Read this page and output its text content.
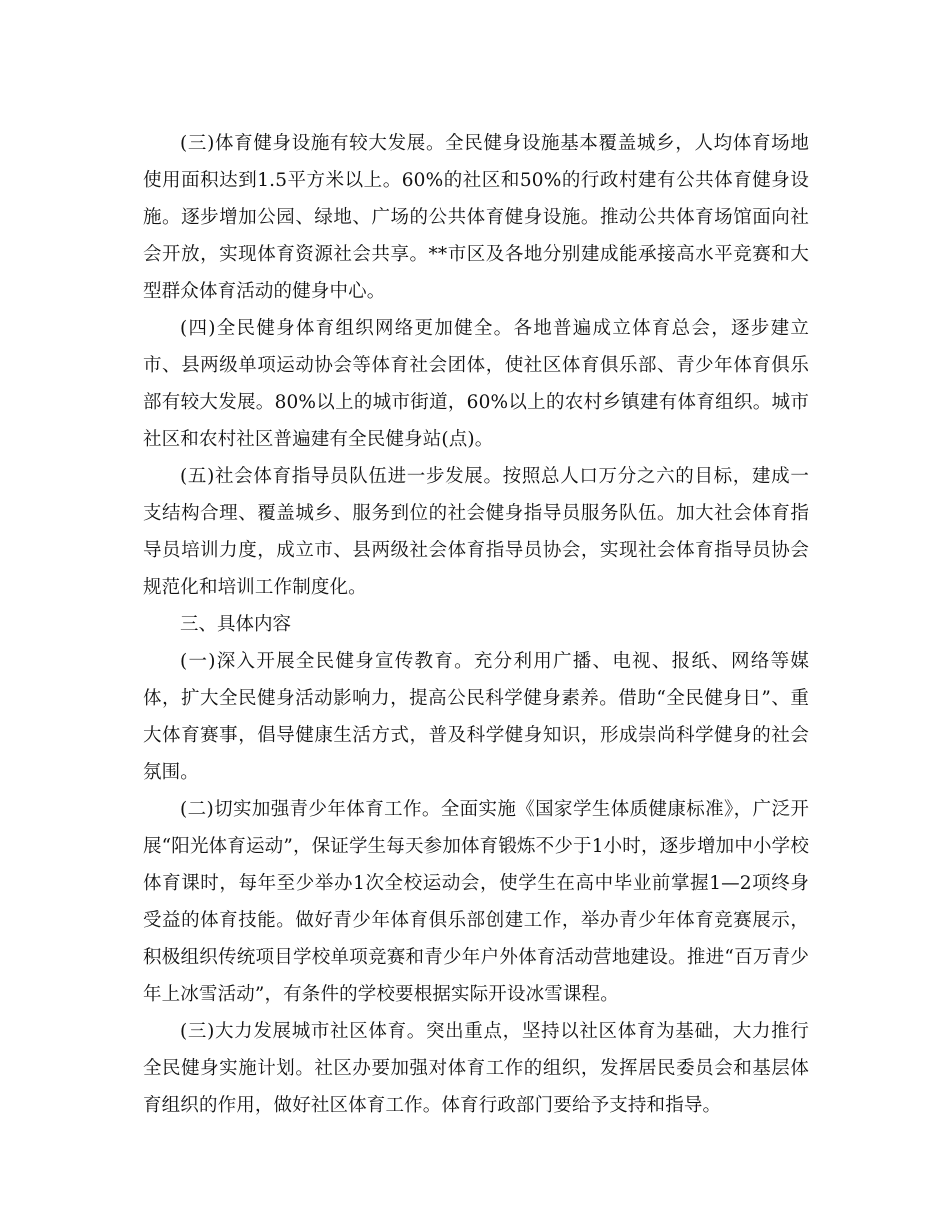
(三)体育健身设施有较大发展。全民健身设施基本覆盖城乡，人均体育场地使用面积达到1.5平方米以上。60%的社区和50%的行政村建有公共体育健身设施。逐步增加公园、绿地、广场的公共体育健身设施。推动公共体育场馆面向社会开放，实现体育资源社会共享。**市区及各地分别建成能承接高水平竞赛和大型群众体育活动的健身中心。

(四)全民健身体育组织网络更加健全。各地普遍成立体育总会，逐步建立市、县两级单项运动协会等体育社会团体，使社区体育俱乐部、青少年体育俱乐部有较大发展。80%以上的城市街道，60%以上的农村乡镇建有体育组织。城市社区和农村社区普遍建有全民健身站(点)。

(五)社会体育指导员队伍进一步发展。按照总人口万分之六的目标，建成一支结构合理、覆盖城乡、服务到位的社会健身指导员服务队伍。加大社会体育指导员培训力度，成立市、县两级社会体育指导员协会，实现社会体育指导员协会规范化和培训工作制度化。

三、具体内容

(一)深入开展全民健身宣传教育。充分利用广播、电视、报纸、网络等媒体，扩大全民健身活动影响力，提高公民科学健身素养。借助“全民健身日”、重大体育赛事，倡导健康生活方式，普及科学健身知识，形成崇尚科学健身的社会氛围。

(二)切实加强青少年体育工作。全面实施《国家学生体质健康标准》，广泛开展“阳光体育运动”，保证学生每天参加体育锻炼不少于1小时，逐步增加中小学校体育课时，每年至少举办1次全校运动会，使学生在高中毕业前掌握1—2项终身受益的体育技能。做好青少年体育俱乐部创建工作，举办青少年体育竞赛展示，积极组织传统项目学校单项竞赛和青少年户外体育活动营地建设。推进“百万青少年上冰雪活动”，有条件的学校要根据实际开设冰雪课程。

(三)大力发展城市社区体育。突出重点，坚持以社区体育为基础，大力推行全民健身实施计划。社区办要加强对体育工作的组织，发挥居民委员会和基层体育组织的作用，做好社区体育工作。体育行政部门要给予支持和指导。
